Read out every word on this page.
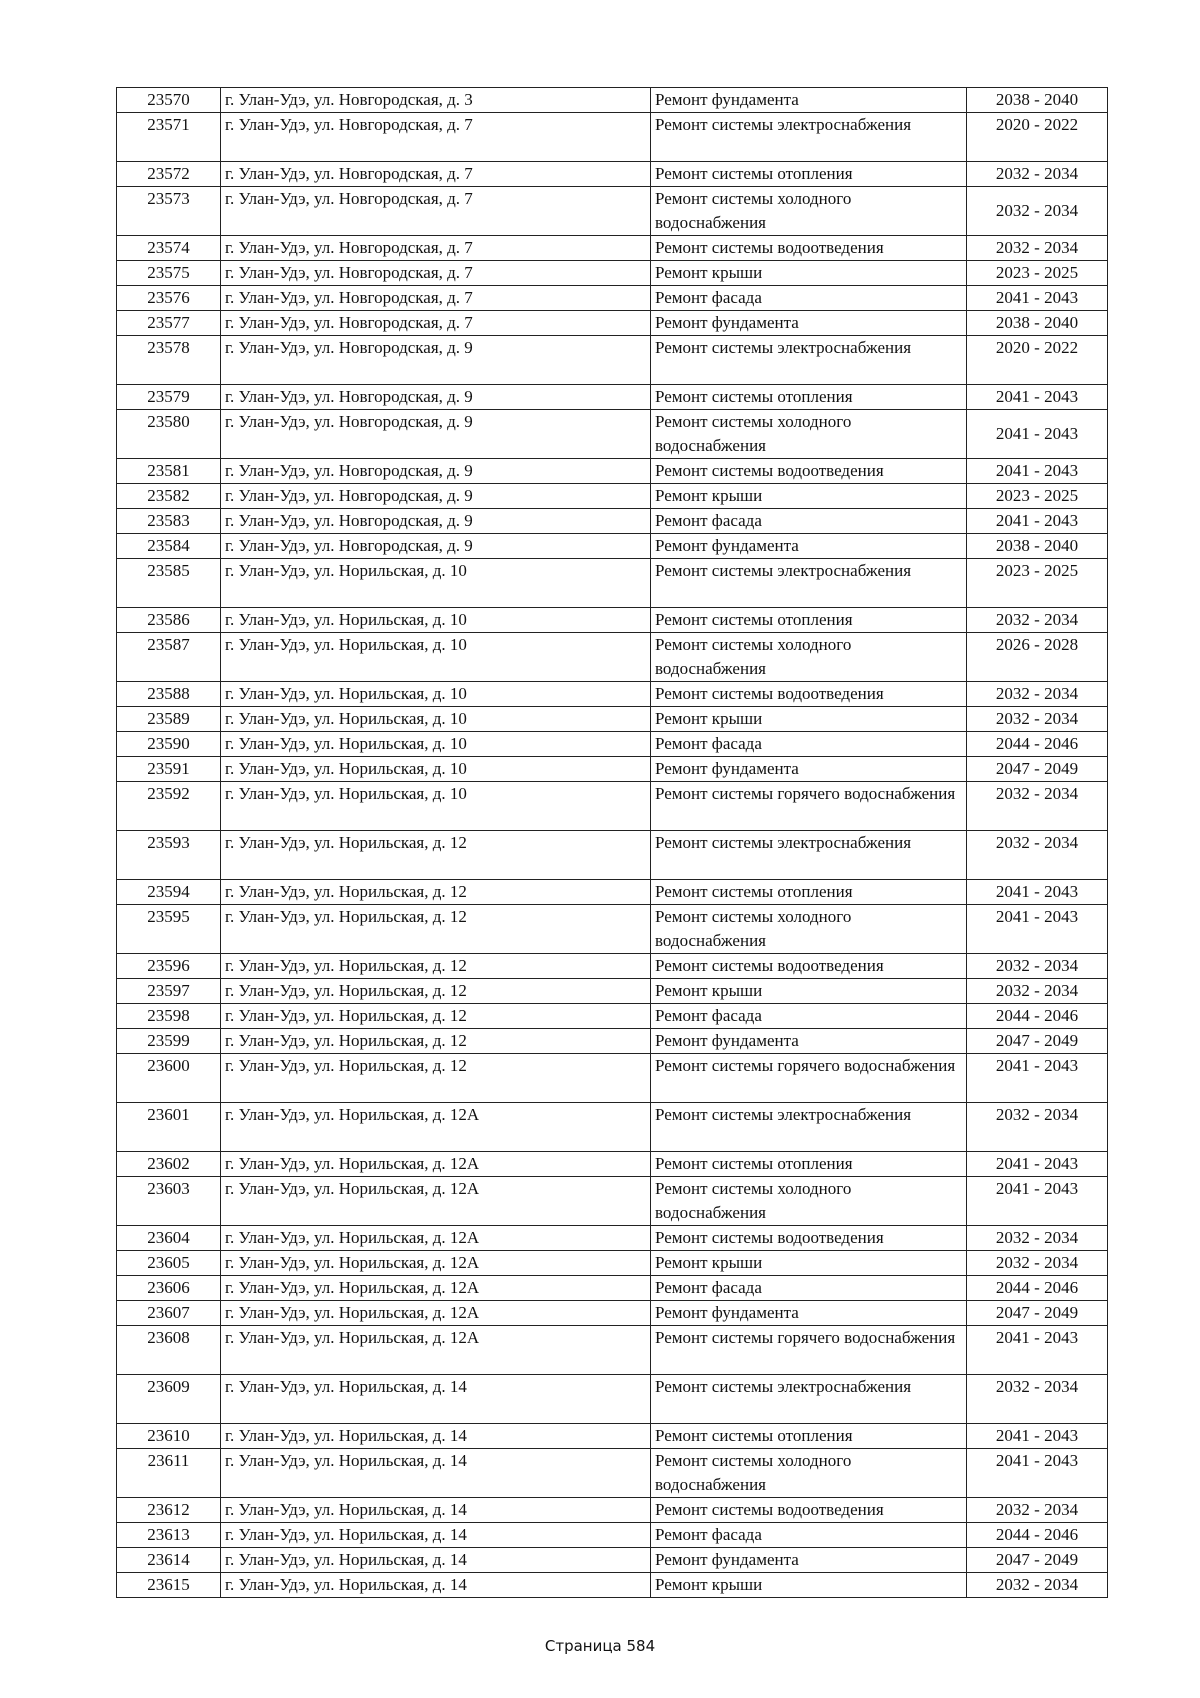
23570	г. Улан-Удэ, ул. Новгородская, д. 3	Ремонт фундамента	2038 - 2040
23571	г. Улан-Удэ, ул. Новгородская, д. 7	Ремонт системы электроснабжения	2020 - 2022
23572	г. Улан-Удэ, ул. Новгородская, д. 7	Ремонт системы отопления	2032 - 2034
23573	г. Улан-Удэ, ул. Новгородская, д. 7	Ремонт системы холодного водоснабжения	2032 - 2034
23574	г. Улан-Удэ, ул. Новгородская, д. 7	Ремонт системы водоотведения	2032 - 2034
23575	г. Улан-Удэ, ул. Новгородская, д. 7	Ремонт крыши	2023 - 2025
23576	г. Улан-Удэ, ул. Новгородская, д. 7	Ремонт фасада	2041 - 2043
23577	г. Улан-Удэ, ул. Новгородская, д. 7	Ремонт фундамента	2038 - 2040
23578	г. Улан-Удэ, ул. Новгородская, д. 9	Ремонт системы электроснабжения	2020 - 2022
23579	г. Улан-Удэ, ул. Новгородская, д. 9	Ремонт системы отопления	2041 - 2043
23580	г. Улан-Удэ, ул. Новгородская, д. 9	Ремонт системы холодного водоснабжения	2041 - 2043
23581	г. Улан-Удэ, ул. Новгородская, д. 9	Ремонт системы водоотведения	2041 - 2043
23582	г. Улан-Удэ, ул. Новгородская, д. 9	Ремонт крыши	2023 - 2025
23583	г. Улан-Удэ, ул. Новгородская, д. 9	Ремонт фасада	2041 - 2043
23584	г. Улан-Удэ, ул. Новгородская, д. 9	Ремонт фундамента	2038 - 2040
23585	г. Улан-Удэ, ул. Норильская, д. 10	Ремонт системы электроснабжения	2023 - 2025
23586	г. Улан-Удэ, ул. Норильская, д. 10	Ремонт системы отопления	2032 - 2034
23587	г. Улан-Удэ, ул. Норильская, д. 10	Ремонт системы холодного водоснабжения	2026 - 2028
23588	г. Улан-Удэ, ул. Норильская, д. 10	Ремонт системы водоотведения	2032 - 2034
23589	г. Улан-Удэ, ул. Норильская, д. 10	Ремонт крыши	2032 - 2034
23590	г. Улан-Удэ, ул. Норильская, д. 10	Ремонт фасада	2044 - 2046
23591	г. Улан-Удэ, ул. Норильская, д. 10	Ремонт фундамента	2047 - 2049
23592	г. Улан-Удэ, ул. Норильская, д. 10	Ремонт системы горячего водоснабжения	2032 - 2034
23593	г. Улан-Удэ, ул. Норильская, д. 12	Ремонт системы электроснабжения	2032 - 2034
23594	г. Улан-Удэ, ул. Норильская, д. 12	Ремонт системы отопления	2041 - 2043
23595	г. Улан-Удэ, ул. Норильская, д. 12	Ремонт системы холодного водоснабжения	2041 - 2043
23596	г. Улан-Удэ, ул. Норильская, д. 12	Ремонт системы водоотведения	2032 - 2034
23597	г. Улан-Удэ, ул. Норильская, д. 12	Ремонт крыши	2032 - 2034
23598	г. Улан-Удэ, ул. Норильская, д. 12	Ремонт фасада	2044 - 2046
23599	г. Улан-Удэ, ул. Норильская, д. 12	Ремонт фундамента	2047 - 2049
23600	г. Улан-Удэ, ул. Норильская, д. 12	Ремонт системы горячего водоснабжения	2041 - 2043
23601	г. Улан-Удэ, ул. Норильская, д. 12А	Ремонт системы электроснабжения	2032 - 2034
23602	г. Улан-Удэ, ул. Норильская, д. 12А	Ремонт системы отопления	2041 - 2043
23603	г. Улан-Удэ, ул. Норильская, д. 12А	Ремонт системы холодного водоснабжения	2041 - 2043
23604	г. Улан-Удэ, ул. Норильская, д. 12А	Ремонт системы водоотведения	2032 - 2034
23605	г. Улан-Удэ, ул. Норильская, д. 12А	Ремонт крыши	2032 - 2034
23606	г. Улан-Удэ, ул. Норильская, д. 12А	Ремонт фасада	2044 - 2046
23607	г. Улан-Удэ, ул. Норильская, д. 12А	Ремонт фундамента	2047 - 2049
23608	г. Улан-Удэ, ул. Норильская, д. 12А	Ремонт системы горячего водоснабжения	2041 - 2043
23609	г. Улан-Удэ, ул. Норильская, д. 14	Ремонт системы электроснабжения	2032 - 2034
23610	г. Улан-Удэ, ул. Норильская, д. 14	Ремонт системы отопления	2041 - 2043
23611	г. Улан-Удэ, ул. Норильская, д. 14	Ремонт системы холодного водоснабжения	2041 - 2043
23612	г. Улан-Удэ, ул. Норильская, д. 14	Ремонт системы водоотведения	2032 - 2034
23613	г. Улан-Удэ, ул. Норильская, д. 14	Ремонт фасада	2044 - 2046
23614	г. Улан-Удэ, ул. Норильская, д. 14	Ремонт фундамента	2047 - 2049
23615	г. Улан-Удэ, ул. Норильская, д. 14	Ремонт крыши	2032 - 2034
Страница 584
